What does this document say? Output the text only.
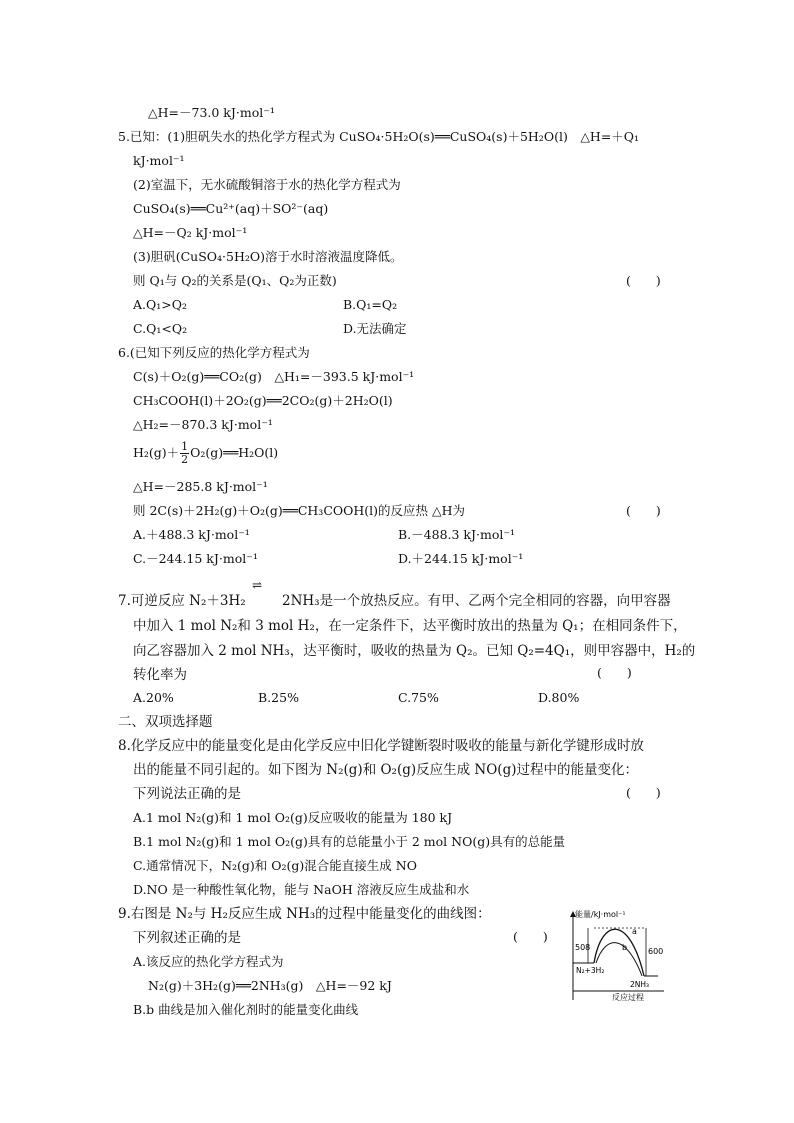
△H=－73.0 kJ·mol⁻¹
5.已知：(1)胆矾失水的热化学方程式为 CuSO₄·5H₂O(s)══CuSO₄(s)＋5H₂O(l)　△H=＋Q₁
kJ·mol⁻¹
(2)室温下，无水硫酸铜溶于水的热化学方程式为
CuSO₄(s)══Cu²⁺(aq)＋SO²⁻(aq)
△H=－Q₂ kJ·mol⁻¹
(3)胆矾(CuSO₄·5H₂O)溶于水时溶液温度降低。
则 Q₁与 Q₂的关系是(Q₁、Q₂为正数)	(　　)
A.Q₁>Q₂	B.Q₁=Q₂
C.Q₁<Q₂	D.无法确定
6.(已知下列反应的热化学方程式为
C(s)＋O₂(g)══CO₂(g)　△H₁=－393.5 kJ·mol⁻¹
CH₃COOH(l)＋2O₂(g)══2CO₂(g)＋2H₂O(l)
△H₂=－870.3 kJ·mol⁻¹
$H_2(g)+ \frac{1}{2}$ O₂(g)══H₂O(l)
△H=－285.8 kJ·mol⁻¹
则 2C(s)＋2H₂(g)＋O₂(g)══CH₃COOH(l)的反应热 △H为	(　　)
A.＋488.3 kJ·mol⁻¹	B.－488.3 kJ·mol⁻¹
C.－244.15 kJ·mol⁻¹	D.＋244.15 kJ·mol⁻¹
⇌
7.可逆反应 N₂＋3H₂	2NH₃是一个放热反应。有甲、乙两个完全相同的容器，向甲容器
中加入 1 mol N₂和 3 mol H₂，在一定条件下，达平衡时放出的热量为 Q₁；在相同条件下，
向乙容器加入 2 mol NH₃，达平衡时，吸收的热量为 Q₂。已知 Q₂=4Q₁，则甲容器中，H₂的
转化率为	(　　)
A.20%	B.25%	C.75%	D.80%
二、双项选择题
8.化学反应中的能量变化是由化学反应中旧化学键断裂时吸收的能量与新化学键形成时放
出的能量不同引起的。如下图为 N₂(g)和 O₂(g)反应生成 NO(g)过程中的能量变化：
下列说法正确的是	(　　)
A.1 mol N₂(g)和 1 mol O₂(g)反应吸收的能量为 180 kJ
B.1 mol N₂(g)和 1 mol O₂(g)具有的总能量小于 2 mol NO(g)具有的总能量
C.通常情况下，N₂(g)和 O₂(g)混合能直接生成 NO
D.NO 是一种酸性氧化物，能与 NaOH 溶液反应生成盐和水
9.右图是 N₂与 H₂反应生成 NH₃的过程中能量变化的曲线图：
下列叙述正确的是	(　　)
A.该反应的热化学方程式为
N₂(g)＋3H₂(g)══2NH₃(g)　△H=－92 kJ
B.b 曲线是加入催化剂时的能量变化曲线
能量/kJ·mol⁻¹
反应过程
508	600
N₂+3H₂
2NH₃
a
b
